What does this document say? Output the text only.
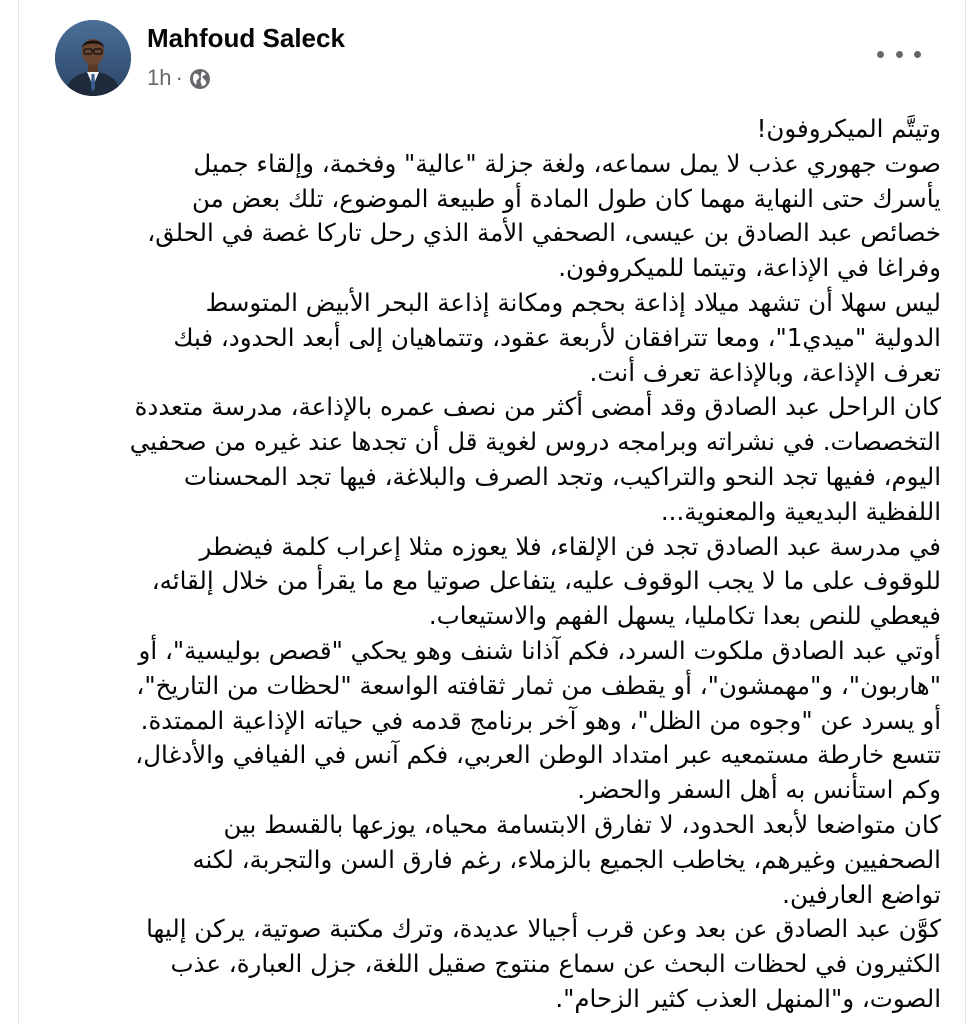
Mahfoud Saleck
1h ·
وتيتَّم الميكروفون!
صوت جهوري عذب لا يمل سماعه، ولغة جزلة "عالية" وفخمة، وإلقاء جميل
يأسرك حتى النهاية مهما كان طول المادة أو طبيعة الموضوع، تلك بعض من
خصائص عبد الصادق بن عيسى، الصحفي الأمة الذي رحل تاركا غصة في الحلق،
وفراغا في الإذاعة، وتيتما للميكروفون.
ليس سهلا أن تشهد ميلاد إذاعة بحجم ومكانة إذاعة البحر الأبيض المتوسط
الدولية "ميدي1"، ومعا تترافقان لأربعة عقود، وتتماهيان إلى أبعد الحدود، فبك
تعرف الإذاعة، وبالإذاعة تعرف أنت.
كان الراحل عبد الصادق وقد أمضى أكثر من نصف عمره بالإذاعة، مدرسة متعددة
التخصصات. في نشراته وبرامجه دروس لغوية قل أن تجدها عند غيره من صحفيي
اليوم، ففيها تجد النحو والتراكيب، وتجد الصرف والبلاغة، فيها تجد المحسنات
اللفظية البديعية والمعنوية...
في مدرسة عبد الصادق تجد فن الإلقاء، فلا يعوزه مثلا إعراب كلمة فيضطر
للوقوف على ما لا يجب الوقوف عليه، يتفاعل صوتيا مع ما يقرأ من خلال إلقائه،
فيعطي للنص بعدا تكامليا، يسهل الفهم والاستيعاب.
أوتي عبد الصادق ملكوت السرد، فكم آذانا شنف وهو يحكي "قصص بوليسية"، أو
"هاربون"، و"مهمشون"، أو يقطف من ثمار ثقافته الواسعة "لحظات من التاريخ"،
أو يسرد عن "وجوه من الظل"، وهو آخر برنامج قدمه في حياته الإذاعية الممتدة.
تتسع خارطة مستمعيه عبر امتداد الوطن العربي، فكم آنس في الفيافي والأدغال،
وكم استأنس به أهل السفر والحضر.
كان متواضعا لأبعد الحدود، لا تفارق الابتسامة محياه، يوزعها بالقسط بين
الصحفيين وغيرهم، يخاطب الجميع بالزملاء، رغم فارق السن والتجربة، لكنه
تواضع العارفين.
كوَّن عبد الصادق عن بعد وعن قرب أجيالا عديدة، وترك مكتبة صوتية، يركن إليها
الكثيرون في لحظات البحث عن سماع منتوج صقيل اللغة، جزل العبارة، عذب
الصوت، و"المنهل العذب كثير الزحام".
